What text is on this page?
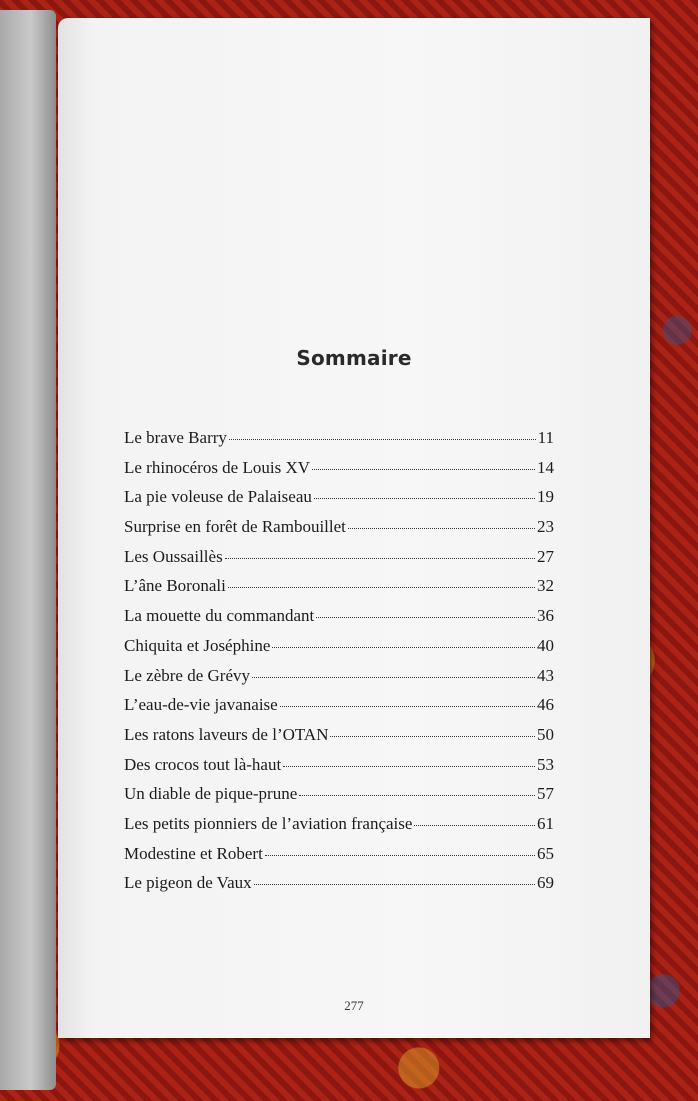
Sommaire
Le brave Barry	11
Le rhinocéros de Louis XV	14
La pie voleuse de Palaiseau	19
Surprise en forêt de Rambouillet	23
Les Oussaillès	27
L’âne Boronali	32
La mouette du commandant	36
Chiquita et Joséphine	40
Le zèbre de Grévy	43
L’eau-de-vie javanaise	46
Les ratons laveurs de l’OTAN	50
Des crocos tout là-haut	53
Un diable de pique-prune	57
Les petits pionniers de l’aviation française	61
Modestine et Robert	65
Le pigeon de Vaux	69
277
